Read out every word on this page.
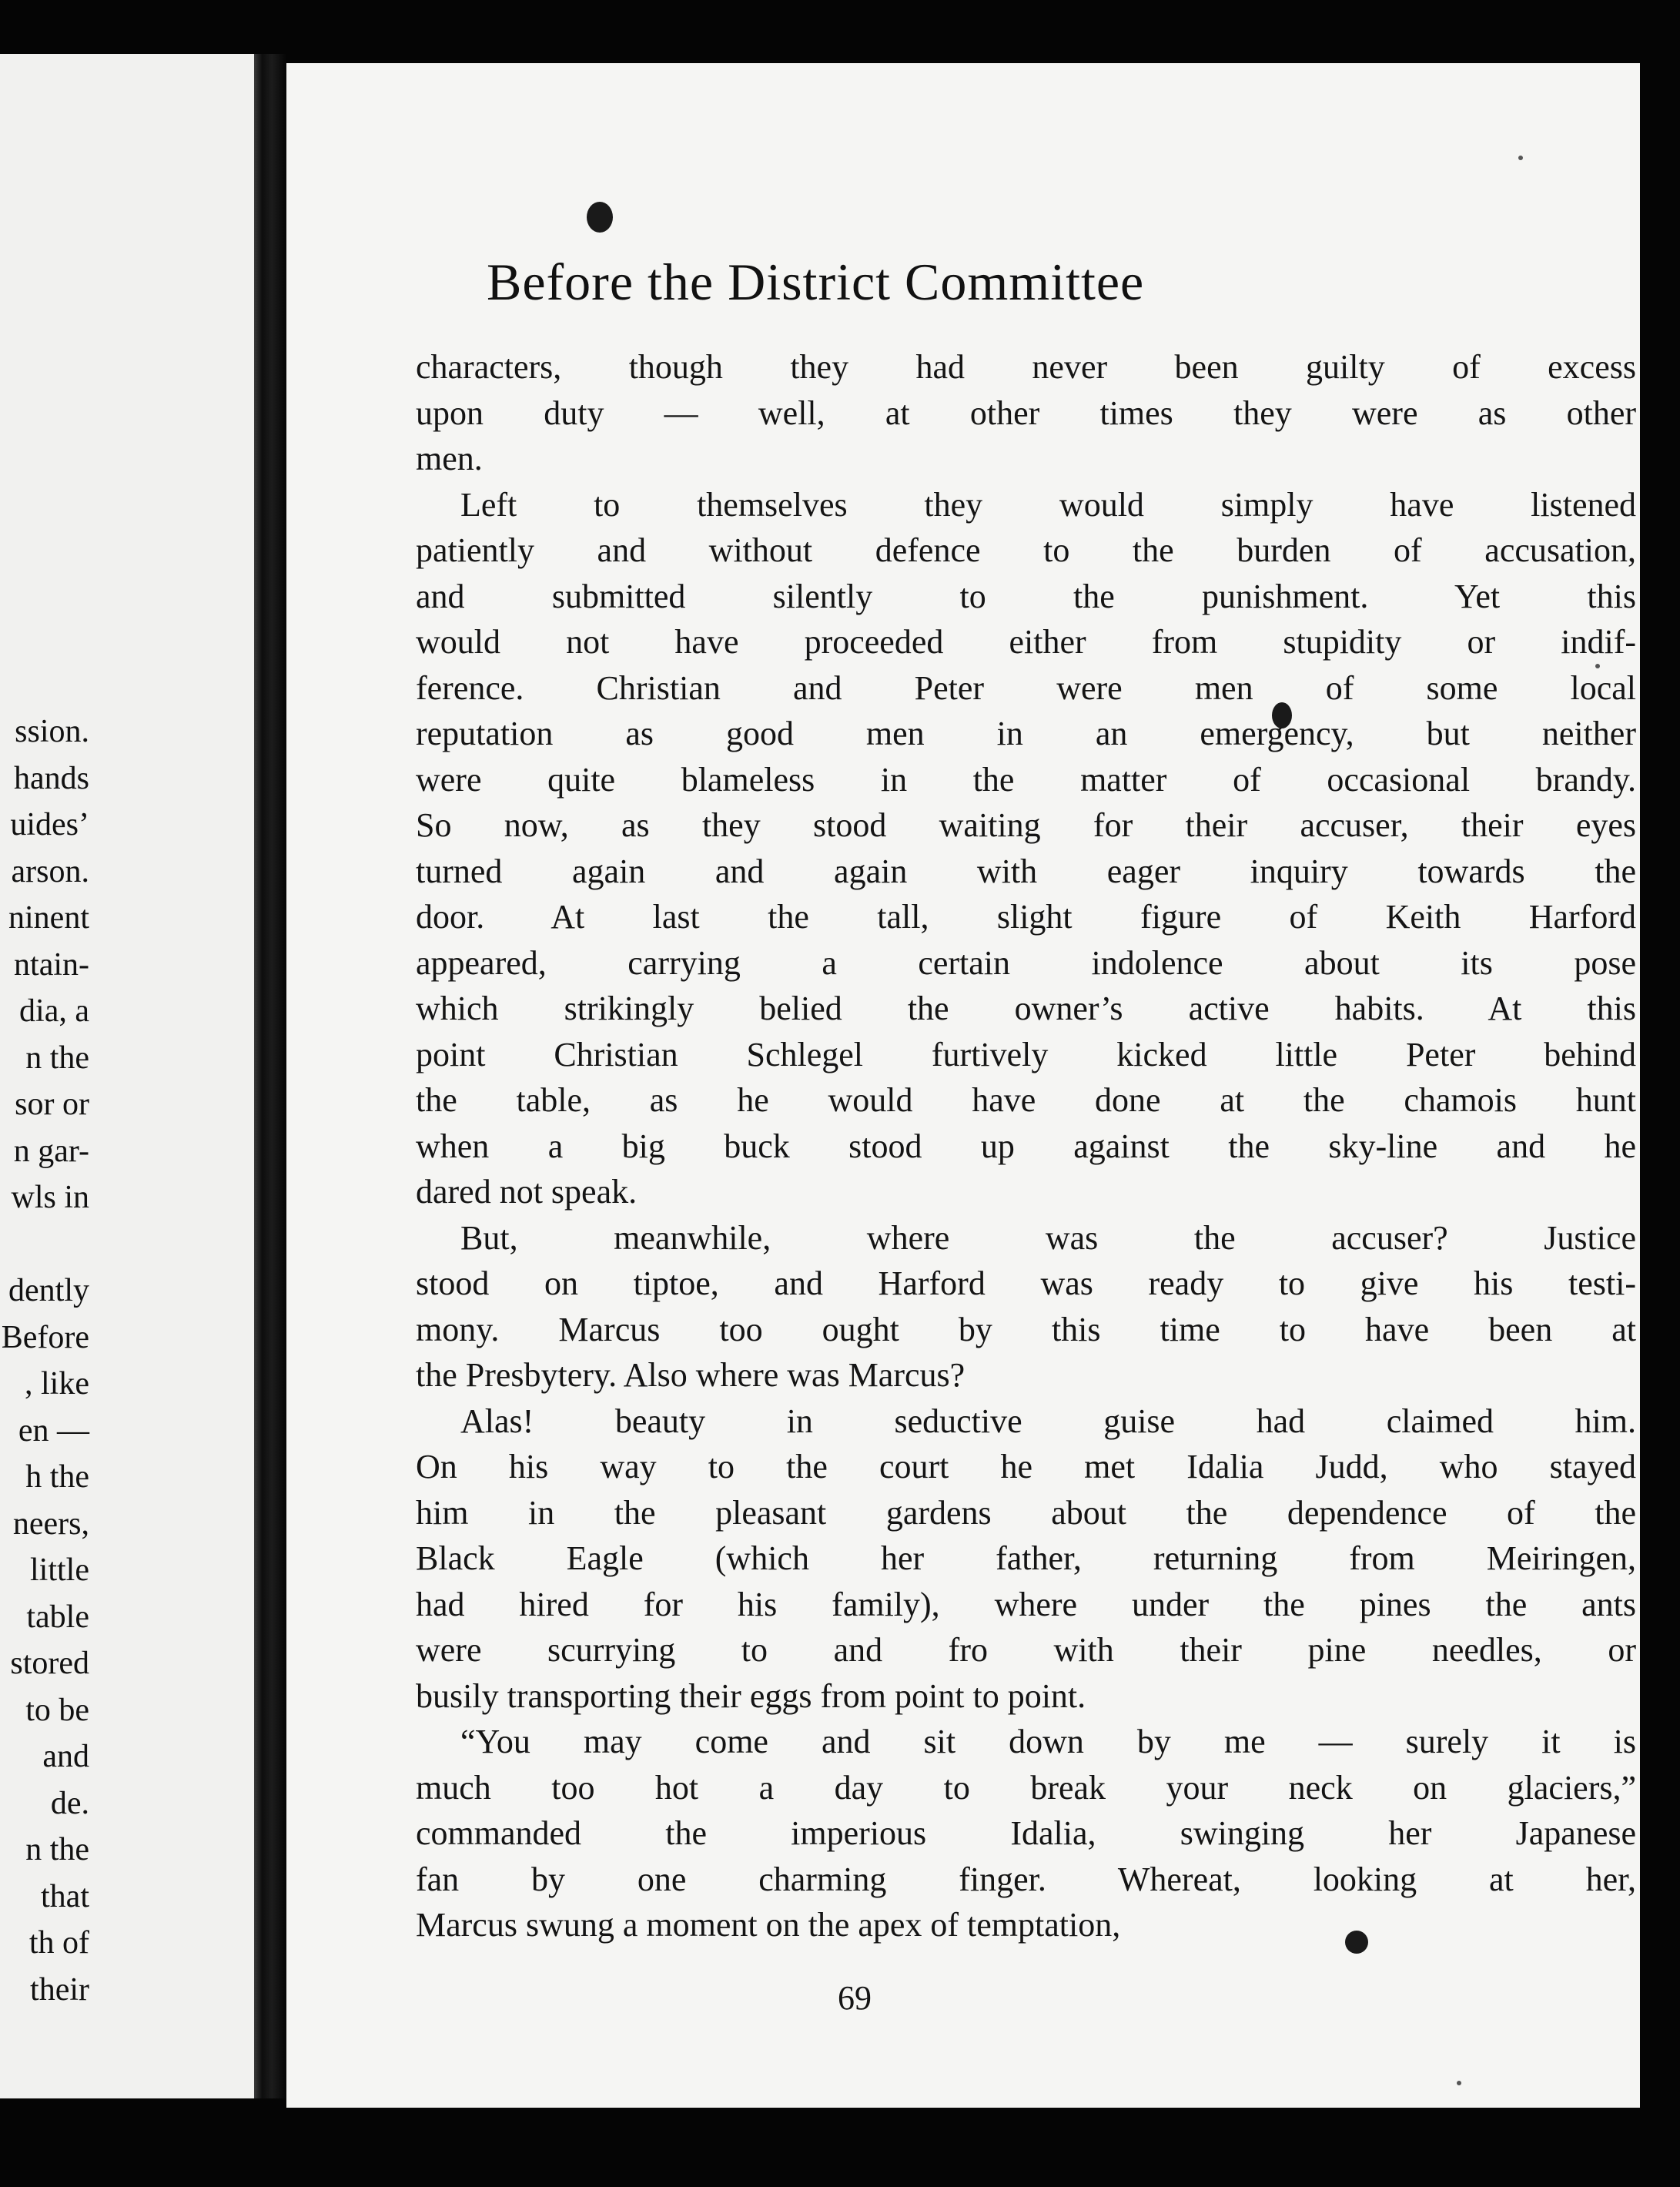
ssion.
hands
uides’
arson.
ninent
ntain-
dia, a
n the
sor or
n gar-
wls in
dently
Before
, like
en —
h the
neers,
little
table
stored
to be
and
de.
n the
that
th of
their
Before the District Committee
characters, though they had never been guilty of excess
upon duty — well, at other times they were as other
men.
Left to themselves they would simply have listened
patiently and without defence to the burden of accusation,
and submitted silently to the punishment. Yet this
would not have proceeded either from stupidity or indif-
ference. Christian and Peter were men of some local
reputation as good men in an emergency, but neither
were quite blameless in the matter of occasional brandy.
So now, as they stood waiting for their accuser, their eyes
turned again and again with eager inquiry towards the
door. At last the tall, slight figure of Keith Harford
appeared, carrying a certain indolence about its pose
which strikingly belied the owner’s active habits. At this
point Christian Schlegel furtively kicked little Peter behind
the table, as he would have done at the chamois hunt
when a big buck stood up against the sky-line and he
dared not speak.
But, meanwhile, where was the accuser? Justice
stood on tiptoe, and Harford was ready to give his testi-
mony. Marcus too ought by this time to have been at
the Presbytery. Also where was Marcus?
Alas! beauty in seductive guise had claimed him.
On his way to the court he met Idalia Judd, who stayed
him in the pleasant gardens about the dependence of the
Black Eagle (which her father, returning from Meiringen,
had hired for his family), where under the pines the ants
were scurrying to and fro with their pine needles, or
busily transporting their eggs from point to point.
“You may come and sit down by me — surely it is
much too hot a day to break your neck on glaciers,”
commanded the imperious Idalia, swinging her Japanese
fan by one charming finger. Whereat, looking at her,
Marcus swung a moment on the apex of temptation,
69
